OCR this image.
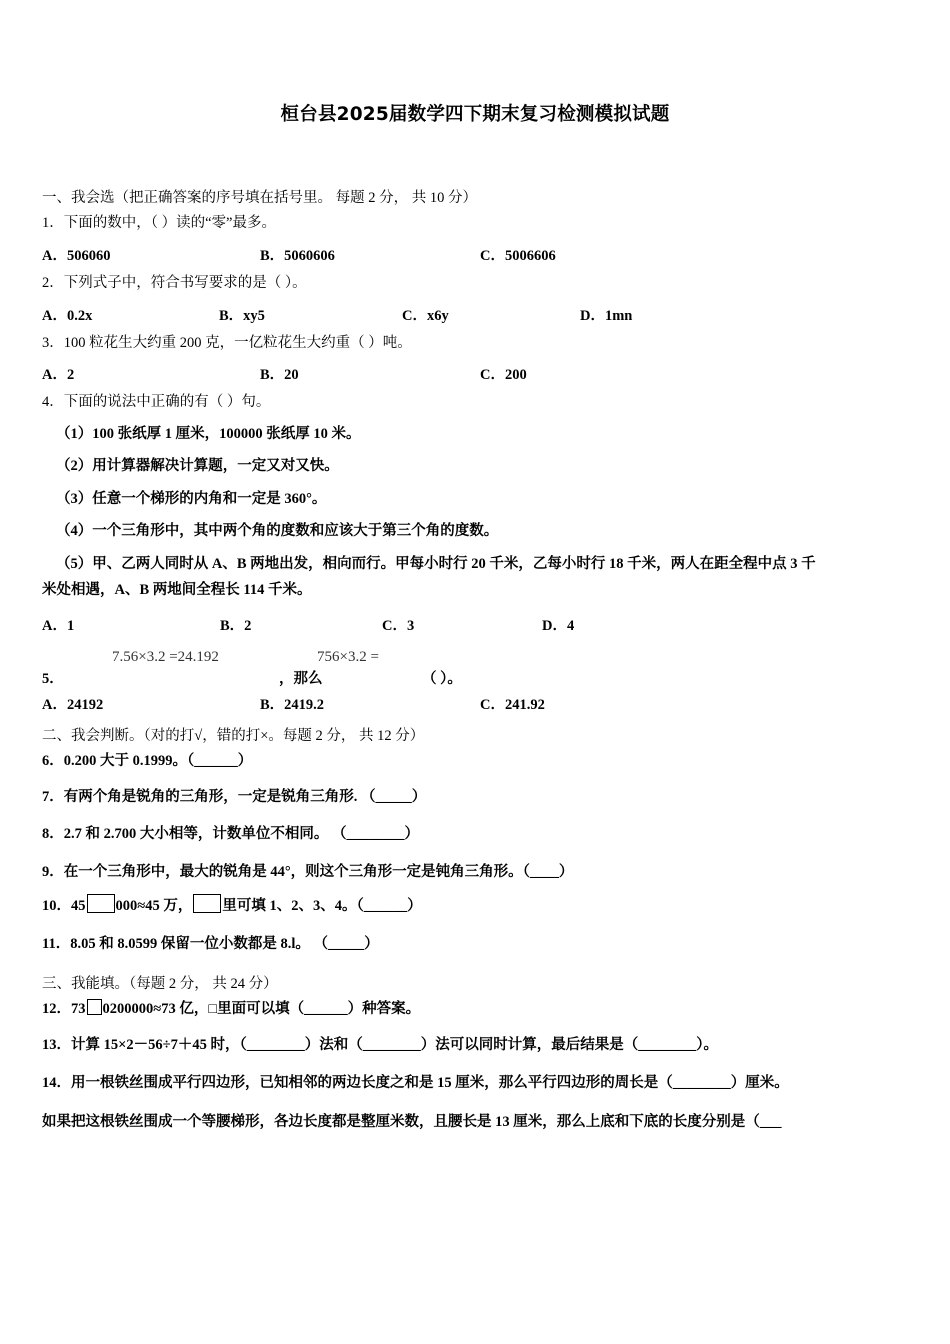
桓台县2025届数学四下期末复习检测模拟试题

一、我会选（把正确答案的序号填在括号里。 每题 2 分， 共 10 分）

1．下面的数中，（ ）读的“零”最多。

A．506060	B．5060606	C．5006606

2．下列式子中，符合书写要求的是（ ）。

A．0.2x	B．xy5	C．x6y	D．1mn

3．100 粒花生大约重 200 克，一亿粒花生大约重（ ）吨。

A．2	B．20	C．200

4．下面的说法中正确的有（ ）句。

（1）100 张纸厚 1 厘米，100000 张纸厚 10 米。

（2）用计算器解决计算题，一定又对又快。

（3）任意一个梯形的内角和一定是 360°。

（4）一个三角形中，其中两个角的度数和应该大于第三个角的度数。

（5）甲、乙两人同时从 A、B 两地出发，相向而行。甲每小时行 20 千米，乙每小时行 18 千米，两人在距全程中点 3 千

米处相遇，A、B 两地间全程长 114 千米。

A．1	B．2	C．3	D．4
5．
7.56×3.2 =24.192
，那么
756×3.2 =
（ ）。
A．24192	B．2419.2	C．241.92

二、我会判断。（对的打√，错的打×。每题 2 分， 共 12 分）

6．0.200 大于 0.1999。（______）

7．有两个角是锐角的三角形，一定是锐角三角形. （_____）

8．2.7 和 2.700 大小相等，计数单位不相同。 （________）

9．在一个三角形中，最大的锐角是 44°，则这个三角形一定是钝角三角形。（____）

10．45 000≈45 万， 里可填 1、2、3、4。（______）

11．8.05 和 8.0599 保留一位小数都是 8.l。 （_____）

三、我能填。（每题 2 分， 共 24 分）

12．73 0200000≈73 亿，□里面可以填（______）种答案。

13．计算 15×2－56÷7＋45 时，（________）法和（________）法可以同时计算，最后结果是（________）。

14．用一根铁丝围成平行四边形，已知相邻的两边长度之和是 15 厘米，那么平行四边形的周长是（________）厘米。

如果把这根铁丝围成一个等腰梯形，各边长度都是整厘米数，且腰长是 13 厘米，那么上底和下底的长度分别是（___
